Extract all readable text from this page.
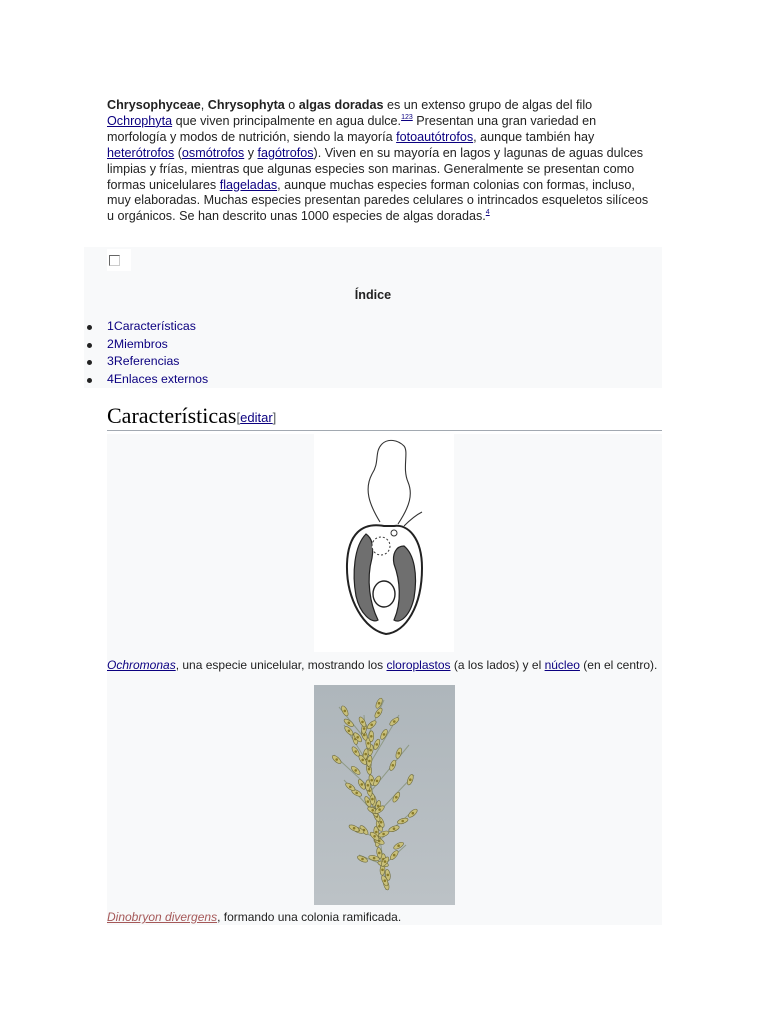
Chrysophyceae, Chrysophyta o algas doradas es un extenso grupo de algas del filo Ochrophyta que viven principalmente en agua dulce.$^{123}$ Presentan una gran variedad en morfología y modos de nutrición, siendo la mayoría fotoautótrofos, aunque también hay heterótrofos (osmótrofos y fagótrofos). Viven en su mayoría en lagos y lagunas de aguas dulces limpias y frías, mientras que algunas especies son marinas. Generalmente se presentan como formas unicelulares flageladas, aunque muchas especies forman colonias con formas, incluso, muy elaboradas. Muchas especies presentan paredes celulares o intrincados esqueletos silíceos u orgánicos. Se han descrito unas 1000 especies de algas doradas.$^4$
Índice
1Características
2Miembros
3Referencias
4Enlaces externos
Características[editar]
Ochromonas, una especie unicelular, mostrando los cloroplastos (a los lados) y el núcleo (en el centro).
Dinobryon divergens, formando una colonia ramificada.
